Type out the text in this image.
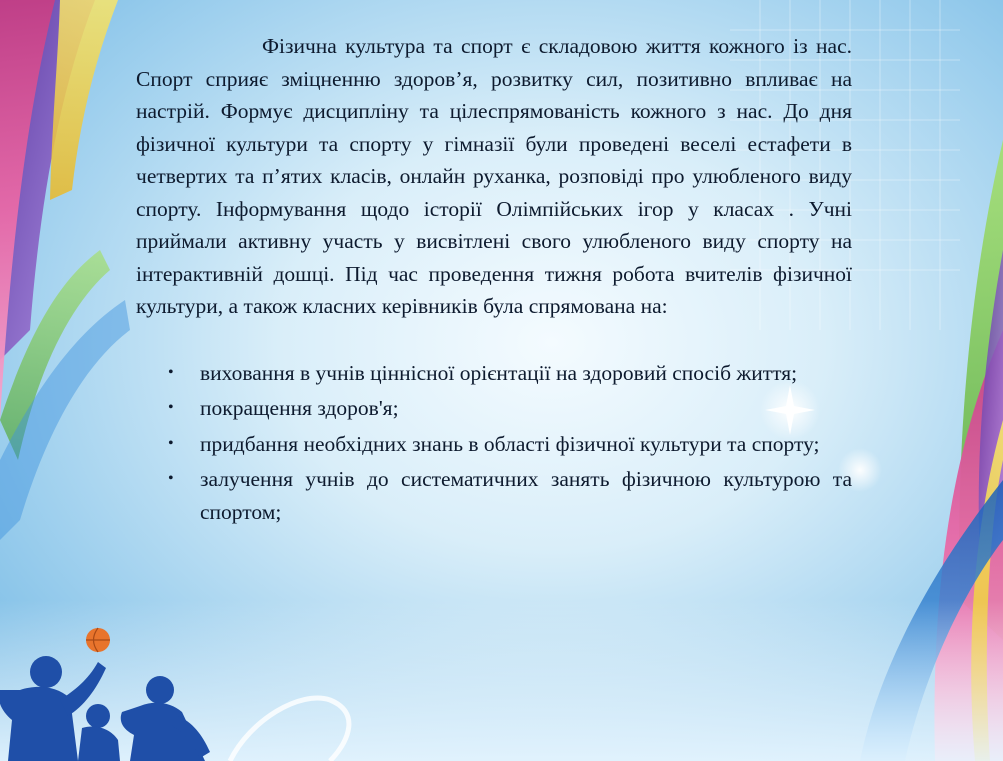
Фізична культура та спорт є складовою життя кожного із нас. Спорт сприяє зміцненню здоров’я, розвитку сил, позитивно впливає на настрій. Формує дисципліну та цілеспрямованість кожного з нас. До дня фізичної культури та спорту у гімназії були проведені веселі естафети в четвертих та п’ятих класів, онлайн руханка, розповіді про улюбленого виду спорту. Інформування щодо історії Олімпійських ігор у класах . Учні приймали активну участь у висвітлені свого улюбленого виду спорту на інтерактивній дошці. Під час проведення тижня робота вчителів фізичної культури, а також класних керівників була спрямована на:

• виховання в учнів ціннісної орієнтації на здоровий спосіб життя;
• покращення здоров'я;
• придбання необхідних знань в області фізичної культури та спорту;
• залучення учнів до систематичних занять фізичною культурою та спортом;
